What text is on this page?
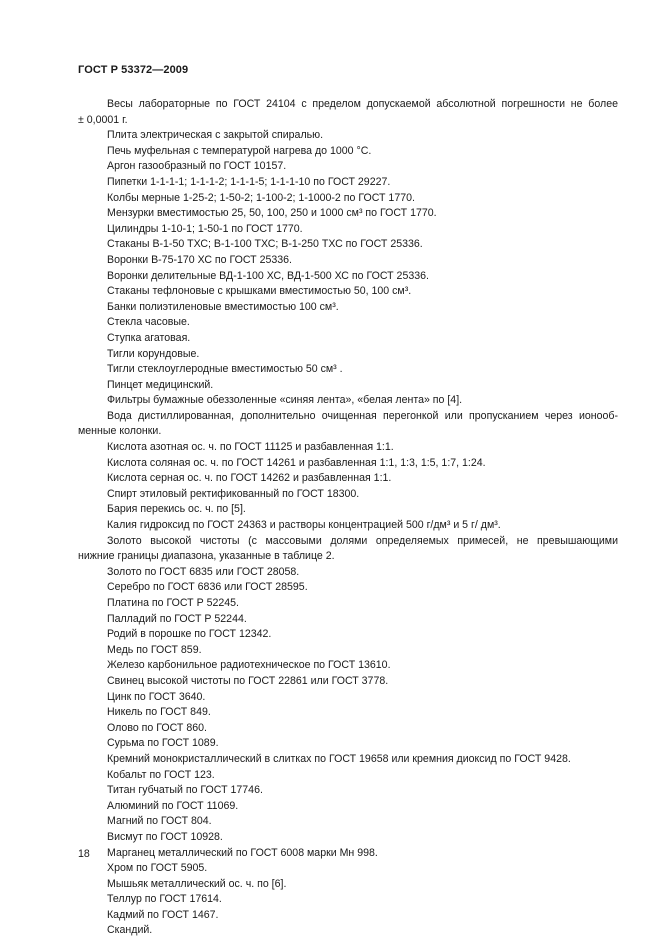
ГОСТ Р 53372—2009
Весы лабораторные по ГОСТ 24104 с пределом допускаемой абсолютной погрешности не более
± 0,0001 г.
Плита электрическая с закрытой спиралью.
Печь муфельная с температурой нагрева до 1000 °С.
Аргон газообразный по ГОСТ 10157.
Пипетки 1-1-1-1; 1-1-1-2; 1-1-1-5; 1-1-1-10 по ГОСТ 29227.
Колбы мерные 1-25-2; 1-50-2; 1-100-2; 1-1000-2 по ГОСТ 1770.
Мензурки вместимостью 25, 50, 100, 250 и 1000 см³ по ГОСТ 1770.
Цилиндры 1-10-1; 1-50-1 по ГОСТ 1770.
Стаканы В-1-50 ТХС; В-1-100 ТХС; В-1-250 ТХС по ГОСТ 25336.
Воронки В-75-170 ХС по ГОСТ 25336.
Воронки делительные ВД-1-100 ХС, ВД-1-500 ХС по ГОСТ 25336.
Стаканы тефлоновые с крышками вместимостью 50, 100 см³.
Банки полиэтиленовые вместимостью 100 см³.
Стекла часовые.
Ступка агатовая.
Тигли корундовые.
Тигли стеклоуглеродные вместимостью 50 см³ .
Пинцет медицинский.
Фильтры бумажные обеззоленные «синяя лента», «белая лента» по [4].
Вода дистиллированная, дополнительно очищенная перегонкой или пропусканием через ионооб-
менные колонки.
Кислота азотная ос. ч. по ГОСТ 11125 и разбавленная 1:1.
Кислота соляная ос. ч. по ГОСТ 14261 и разбавленная 1:1, 1:3, 1:5, 1:7, 1:24.
Кислота серная ос. ч. по ГОСТ 14262 и разбавленная 1:1.
Спирт этиловый ректификованный по ГОСТ 18300.
Бария перекись ос. ч. по [5].
Калия гидроксид по ГОСТ 24363 и растворы концентрацией 500 г/дм³ и 5 г/ дм³.
Золото высокой чистоты (с массовыми долями определяемых примесей, не превышающими
нижние границы диапазона, указанные в таблице 2.
Золото по ГОСТ 6835 или ГОСТ 28058.
Серебро по ГОСТ 6836 или ГОСТ 28595.
Платина по ГОСТ Р 52245.
Палладий по ГОСТ Р 52244.
Родий в порошке по ГОСТ 12342.
Медь по ГОСТ 859.
Железо карбонильное радиотехническое по ГОСТ 13610.
Свинец высокой чистоты по ГОСТ 22861 или ГОСТ 3778.
Цинк по ГОСТ 3640.
Никель по ГОСТ 849.
Олово по ГОСТ 860.
Сурьма по ГОСТ 1089.
Кремний монокристаллический в слитках по ГОСТ 19658 или кремния диоксид по ГОСТ 9428.
Кобальт по ГОСТ 123.
Титан губчатый по ГОСТ 17746.
Алюминий по ГОСТ 11069.
Магний по ГОСТ 804.
Висмут по ГОСТ 10928.
Марганец металлический по ГОСТ 6008 марки Мн 998.
Хром по ГОСТ 5905.
Мышьяк металлический ос. ч. по [6].
Теллур по ГОСТ 17614.
Кадмий по ГОСТ 1467.
Скандий.
18
